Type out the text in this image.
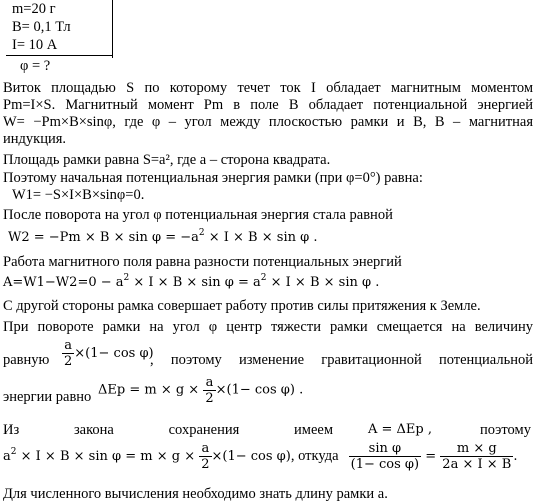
m=20 г
B= 0,1 Тл
I= 10 А
φ = ?
Виток площадью S по которому течет ток I обладает магнитным моментом
Pm=I×S. Магнитный момент Pm в поле B обладает потенциальной энергией
W= −Pm×B×sinφ, где φ – угол между плоскостью рамки и B, B – магнитная
индукция.
Площадь рамки равна S=a², где a – сторона квадрата.
Поэтому начальная потенциальная энергия рамки (при φ=0°) равна:
W1= −S×I×B×sinφ=0.
После поворота на угол φ потенциальная энергия стала равной
$W2 = -Pm \times B \times \sin \varphi = -a^2 \times I \times B \times \sin \varphi$ .
Работа магнитного поля равна разности потенциальных энергий
$A=W1-W2=0 - a^2 \times I \times B \times \sin \varphi = a^2 \times I \times B \times \sin \varphi$ .
С другой стороны рамка совершает работу против силы притяжения к Земле.
При повороте рамки на угол φ центр тяжести рамки смещается на величину
равную $\frac{a}{2} \times(1- \cos \varphi)$
, поэтому изменение гравитационной потенциальной
энергии равно $\Delta Ep = m \times g \times \frac{a}{2} \times(1- \cos \varphi)$ .
Из закона сохранения имеем	A = ΔEp ,	поэтому
$a^2 \times I \times B \times \sin \varphi = m \times g \times \frac{a}{2} \times(1- \cos \varphi)$, откуда $\frac{\text{sin φ}}{\text{(1− cos φ)}} = \frac{m \times g}{2a \times I \times B}$ .
Для численного вычисления необходимо знать длину рамки a.
